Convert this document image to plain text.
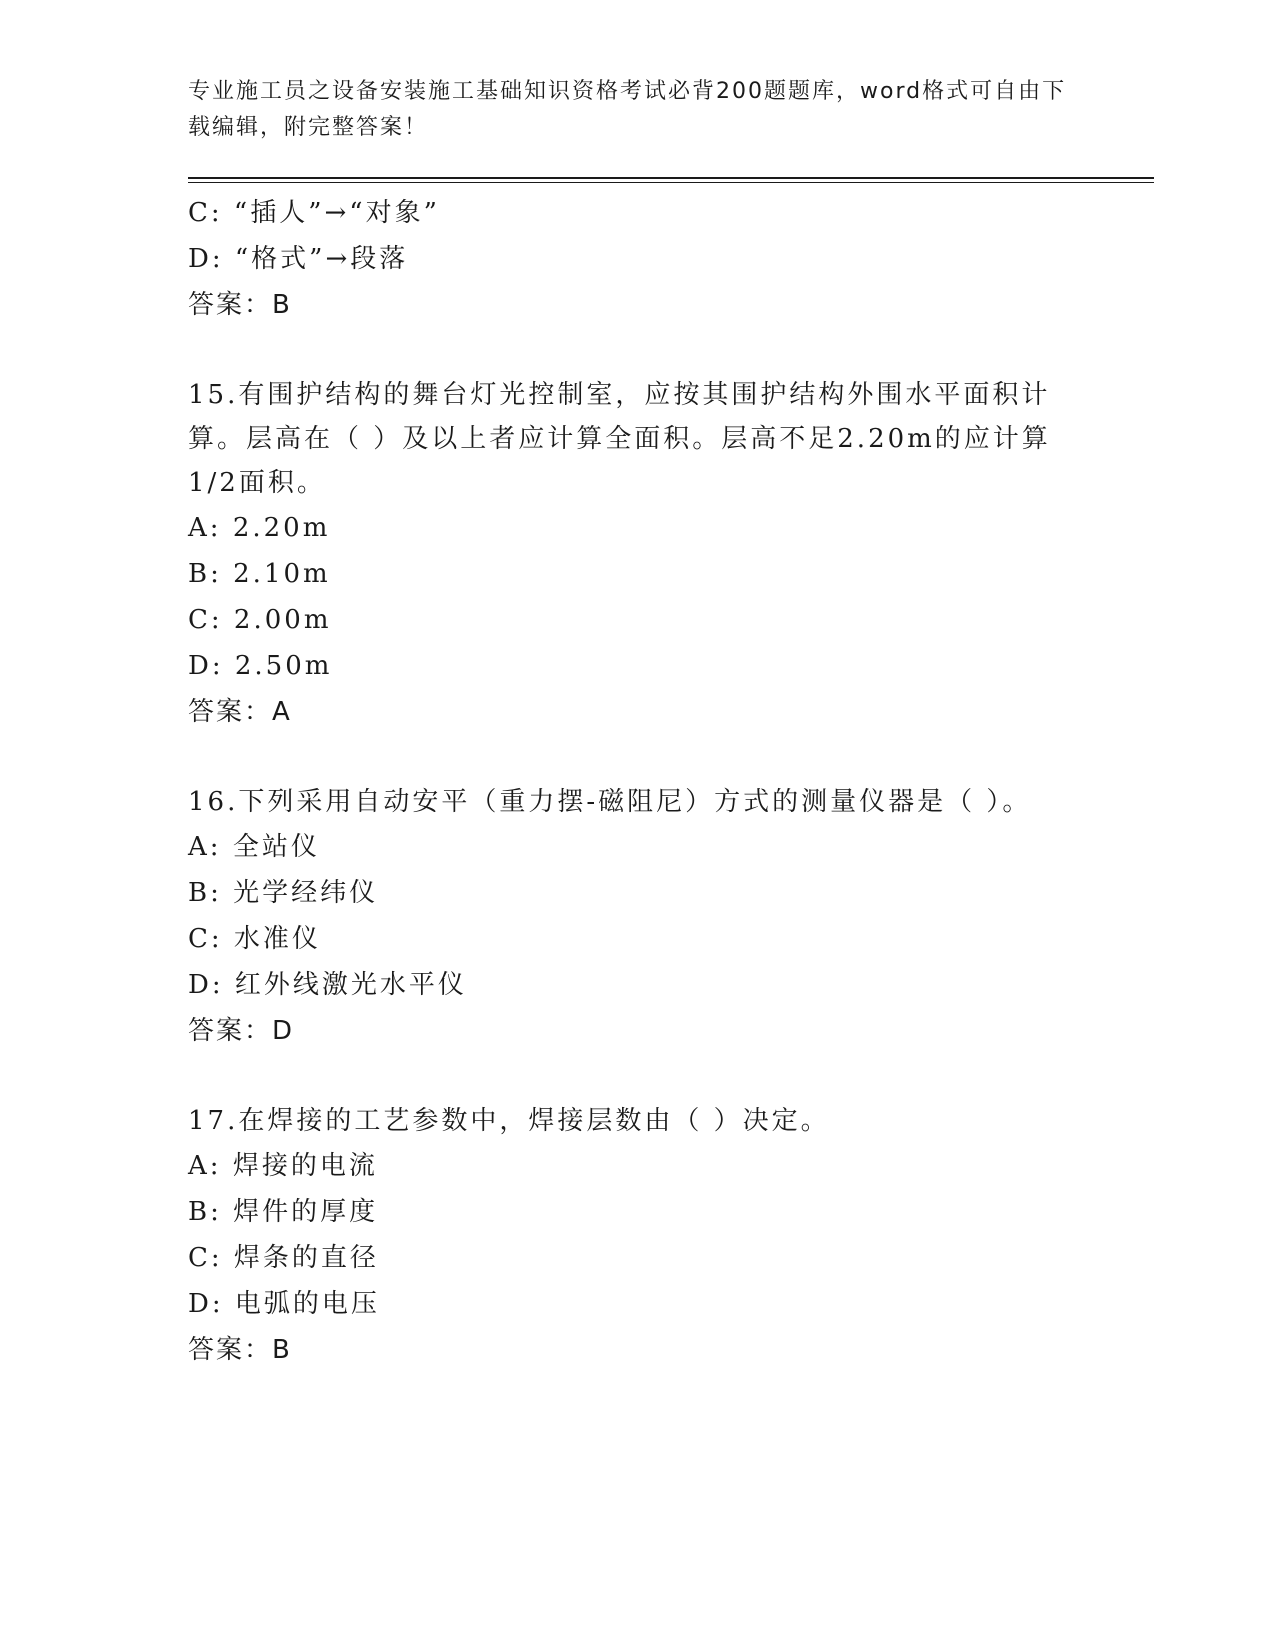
专业施工员之设备安装施工基础知识资格考试必背200题题库，word格式可自由下载编辑，附完整答案！
C: “插人”→“对象”
D: “格式”→段落
答案：B
15.有围护结构的舞台灯光控制室，应按其围护结构外围水平面积计算。层高在（ ）及以上者应计算全面积。层高不足2.20m的应计算1/2面积。
A: 2.20m
B: 2.10m
C: 2.00m
D: 2.50m
答案：A
16.下列采用自动安平（重力摆-磁阻尼）方式的测量仪器是（ ）。
A: 全站仪
B: 光学经纬仪
C: 水准仪
D: 红外线激光水平仪
答案：D
17.在焊接的工艺参数中，焊接层数由（ ）决定。
A: 焊接的电流
B: 焊件的厚度
C: 焊条的直径
D: 电弧的电压
答案：B
